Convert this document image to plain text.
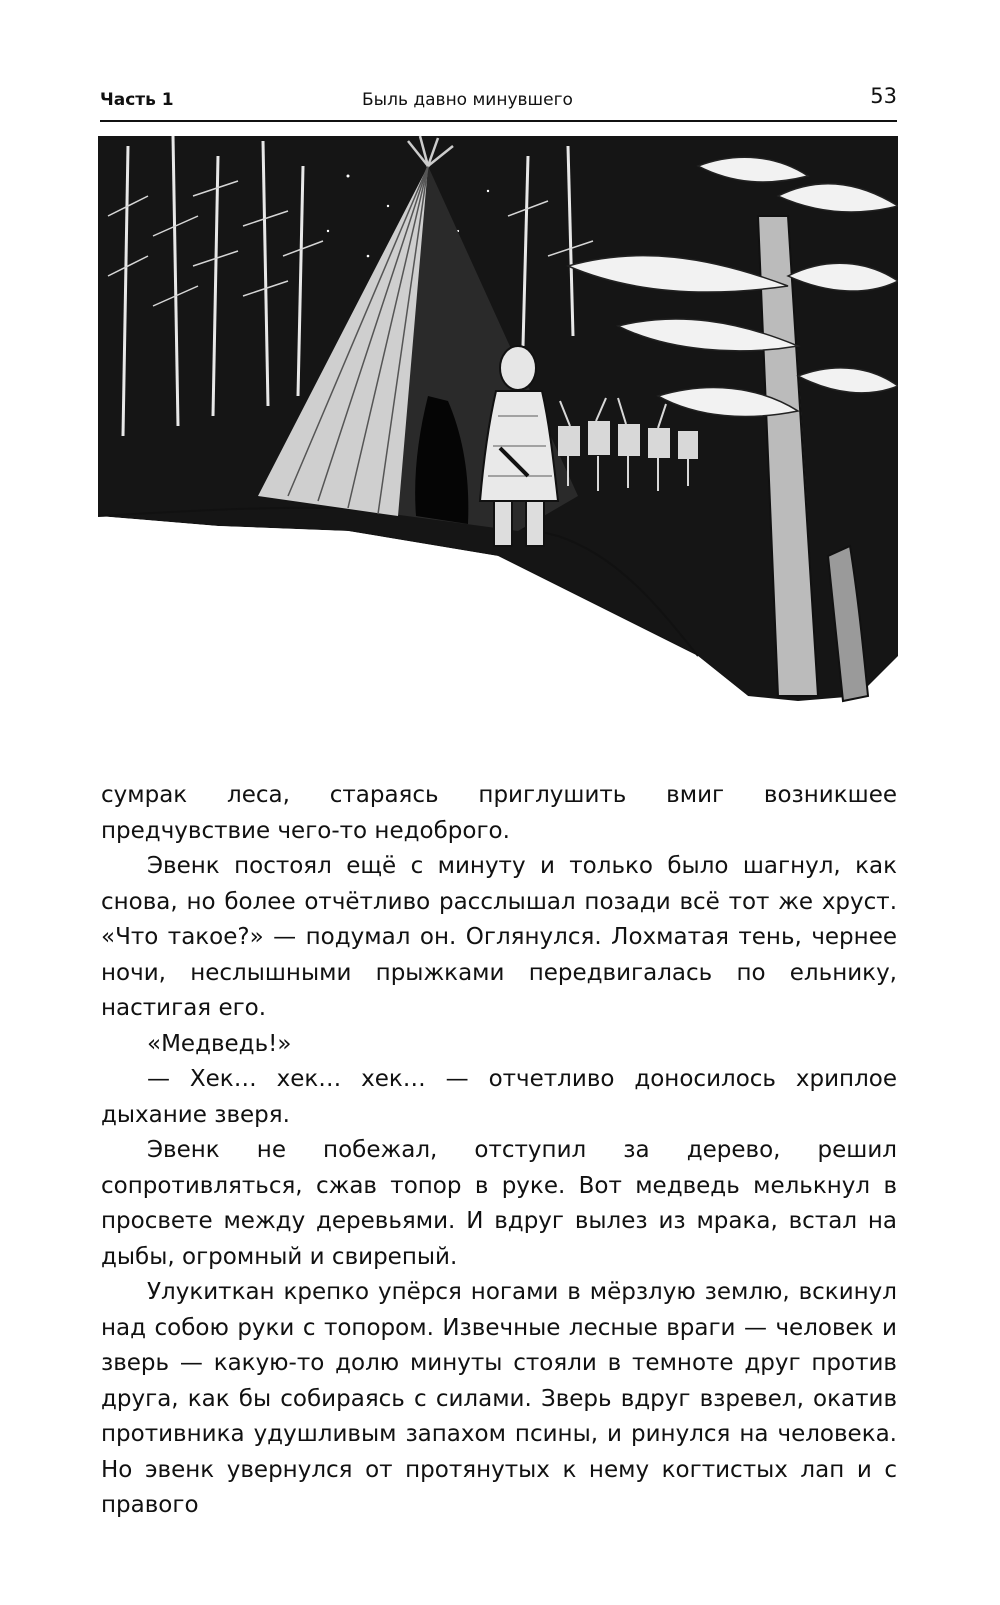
Часть 1	Быль давно минувшего	53

сумрак леса, стараясь приглушить вмиг возникшее предчувствие чего-то недоброго.

Эвенк постоял ещё с минуту и только было шагнул, как снова, но более отчётливо расслышал позади всё тот же хруст. «Что такое?» — подумал он. Оглянулся. Лохматая тень, чернее ночи, неслышными прыжками передвигалась по ельнику, настигая его.

«Медведь!»

— Хек… хек… хек… — отчетливо доносилось хриплое дыхание зверя.

Эвенк не побежал, отступил за дерево, решил сопротивляться, сжав топор в руке. Вот медведь мелькнул в просвете между деревьями. И вдруг вылез из мрака, встал на дыбы, огромный и свирепый.

Улукиткан крепко упёрся ногами в мёрзлую землю, вскинул над собою руки с топором. Извечные лесные враги — человек и зверь — какую-то долю минуты стояли в темноте друг против друга, как бы собираясь с силами. Зверь вдруг взревел, окатив противника удушливым запахом псины, и ринулся на человека. Но эвенк увернулся от протянутых к нему когтистых лап и с правого
